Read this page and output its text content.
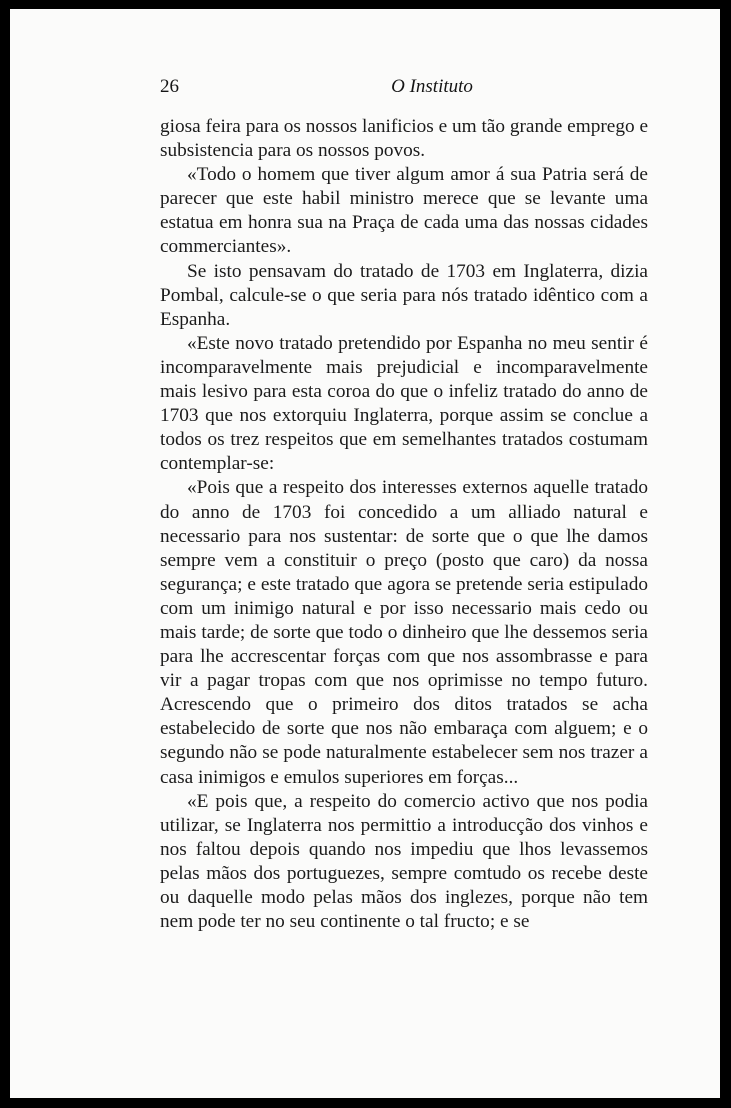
26	O Instituto

giosa feira para os nossos lanificios e um tão grande emprego e subsistencia para os nossos povos.

«Todo o homem que tiver algum amor á sua Patria será de parecer que este habil ministro merece que se levante uma estatua em honra sua na Praça de cada uma das nossas cidades commerciantes».

Se isto pensavam do tratado de 1703 em Inglaterra, dizia Pombal, calcule-se o que seria para nós tratado idêntico com a Espanha.

«Este novo tratado pretendido por Espanha no meu sentir é incomparavelmente mais prejudicial e incomparavelmente mais lesivo para esta coroa do que o infeliz tratado do anno de 1703 que nos extorquiu Inglaterra, porque assim se conclue a todos os trez respeitos que em semelhantes tratados costumam contemplar-se:

«Pois que a respeito dos interesses externos aquelle tratado do anno de 1703 foi concedido a um alliado natural e necessario para nos sustentar: de sorte que o que lhe damos sempre vem a constituir o preço (posto que caro) da nossa segurança; e este tratado que agora se pretende seria estipulado com um inimigo natural e por isso necessario mais cedo ou mais tarde; de sorte que todo o dinheiro que lhe dessemos seria para lhe accrescentar forças com que nos assombrasse e para vir a pagar tropas com que nos oprimisse no tempo futuro. Acrescendo que o primeiro dos ditos tratados se acha estabelecido de sorte que nos não embaraça com alguem; e o segundo não se pode naturalmente estabelecer sem nos trazer a casa inimigos e emulos superiores em forças...

«E pois que, a respeito do comercio activo que nos podia utilizar, se Inglaterra nos permittio a introducção dos vinhos e nos faltou depois quando nos impediu que lhos levassemos pelas mãos dos portuguezes, sempre comtudo os recebe deste ou daquelle modo pelas mãos dos inglezes, porque não tem nem pode ter no seu continente o tal fructo; e se
